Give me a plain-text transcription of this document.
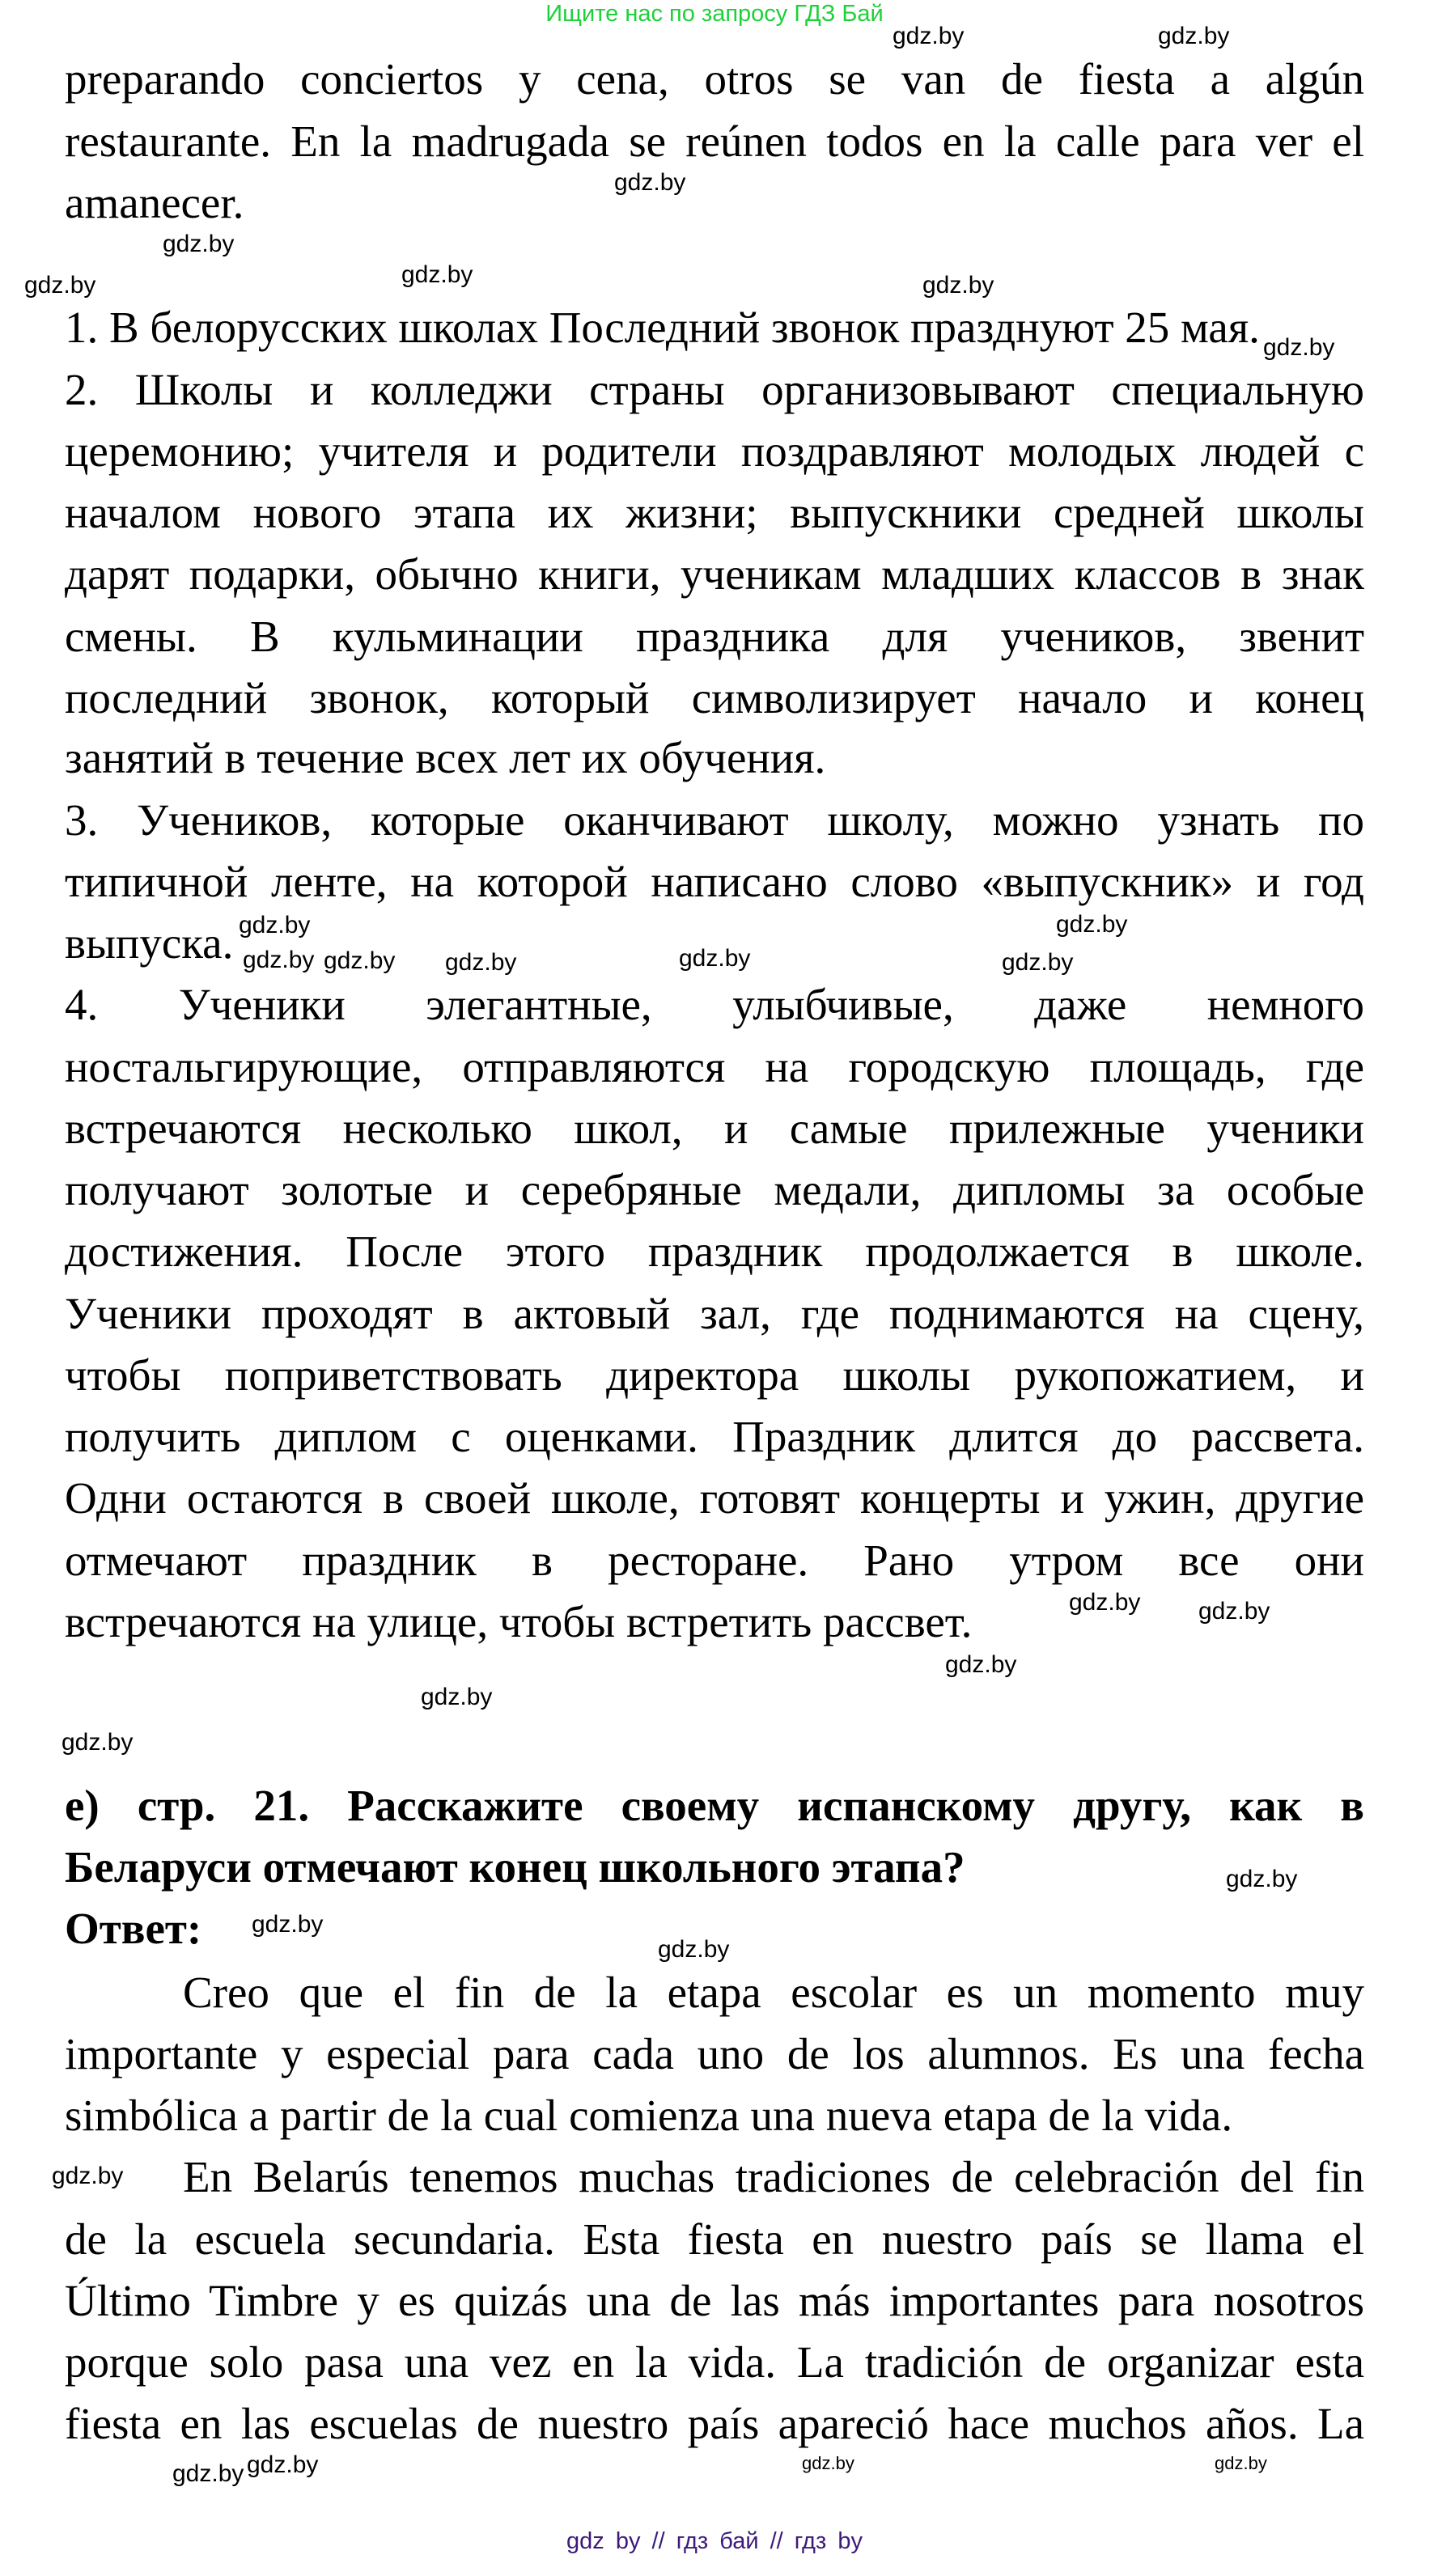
Ищите нас по запросу ГДЗ Бай
preparando conciertos y cena, otros se van de fiesta a algún
restaurante. En la madrugada se reúnen todos en la calle para ver el
amanecer.
1. В белорусских школах Последний звонок празднуют 25 мая.
2. Школы и колледжи страны организовывают специальную
церемонию; учителя и родители поздравляют молодых людей с
началом нового этапа их жизни; выпускники средней школы
дарят подарки, обычно книги, ученикам младших классов в знак
смены. В кульминации праздника для учеников, звенит
последний звонок, который символизирует начало и конец
занятий в течение всех лет их обучения.
3. Учеников, которые оканчивают школу, можно узнать по
типичной ленте, на которой написано слово «выпускник» и год
выпуска.
4. Ученики элегантные, улыбчивые, даже немного
ностальгирующие, отправляются на городскую площадь, где
встречаются несколько школ, и самые прилежные ученики
получают золотые и серебряные медали, дипломы за особые
достижения. После этого праздник продолжается в школе.
Ученики проходят в актовый зал, где поднимаются на сцену,
чтобы поприветствовать директора школы рукопожатием, и
получить диплом с оценками. Праздник длится до рассвета.
Одни остаются в своей школе, готовят концерты и ужин, другие
отмечают праздник в ресторане. Рано утром все они
встречаются на улице, чтобы встретить рассвет.
e) стр. 21. Расскажите своему испанскому другу, как в
Беларуси отмечают конец школьного этапа?
Ответ:
Creo que el fin de la etapa escolar es un momento muy
importante y especial para cada uno de los alumnos. Es una fecha
simbólica a partir de la cual comienza una nueva etapa de la vida.
En Belarús tenemos muchas tradiciones de celebración del fin
de la escuela secundaria. Esta fiesta en nuestro país se llama el
Último Timbre y es quizás una de las más importantes para nosotros
porque solo pasa una vez en la vida. La tradición de organizar esta
fiesta en las escuelas de nuestro país apareció hace muchos años. La
gdz.by	gdz.by
gdz.by
gdz.by
gdz.by
gdz.by
gdz.by
gdz.by
gdz.by	gdz.by
gdz.by
gdz.by	gdz.by	gdz.by
gdz.by
gdz.by gdz.by
gdz.by
gdz.by
gdz.by
gdz.by
gdz.by
gdz.by
gdz.by
gdz.by	gdz.by
gdz.by
gdz.by
gdz by // гдз бай // гдз by
